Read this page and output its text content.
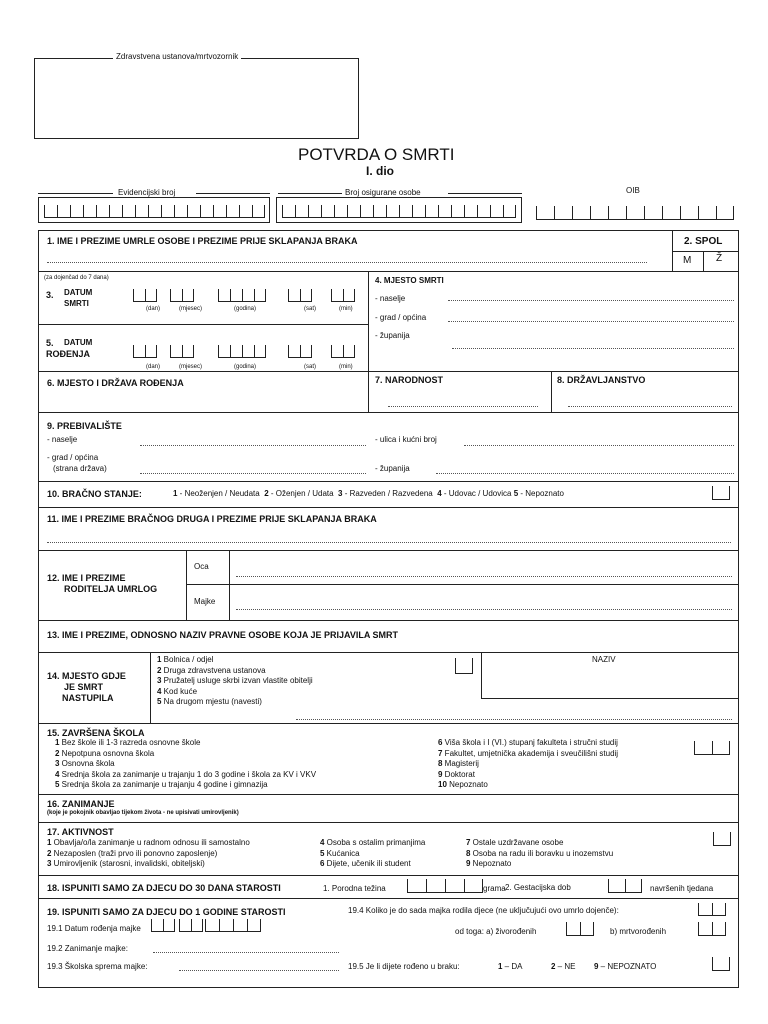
Zdravstvena ustanova/mrtvozornik
POTVRDA O SMRTI
I. dio
Evidencijski broj	Broj osigurane osobe	OIB
1. IME I PREZIME UMRLE OSOBE I PREZIME PRIJE SKLAPANJA BRAKA	2. SPOL
M Ž
(za dojenčad do 7 dana)
3. DATUM
SMRTI
(dan)	(mjesec)	(godina)	(sat)	(min)
4. MJESTO SMRTI
- naselje
- grad / općina
- županija
5. DATUM
ROĐENJA
(dan)	(mjesec)	(godina)	(sat)	(min)
6. MJESTO I DRŽAVA ROĐENJA	7. NARODNOST	8. DRŽAVLJANSTVO
9. PREBIVALIŠTE
- naselje	- ulica i kućni broj
- grad / općina
(strana država)	- županija
10. BRAČNO STANJE:	1 - Neoženjen / Neudata 2 - Oženjen / Udata 3 - Razveden / Razvedena 4 - Udovac / Udovica 5 - Nepoznato
11. IME I PREZIME BRAČNOG DRUGA I PREZIME PRIJE SKLAPANJA BRAKA
12. IME I PREZIME
RODITELJA UMRLOG
Oca
Majke
13. IME I PREZIME, ODNOSNO NAZIV PRAVNE OSOBE KOJA JE PRIJAVILA SMRT
14. MJESTO GDJE
JE SMRT
NASTUPILA
1 Bolnica / odjel
2 Druga zdravstvena ustanova
3 Pružatelj usluge skrbi izvan vlastite obitelji
4 Kod kuće
5 Na drugom mjestu (navesti)
NAZIV
15. ZAVRŠENA ŠKOLA
1 Bez škole ili 1-3 razreda osnovne škole
2 Nepotpuna osnovna škola
3 Osnovna škola
4 Srednja škola za zanimanje u trajanju 1 do 3 godine i škola za KV i VKV
5 Srednja škola za zanimanje u trajanju 4 godine i gimnazija
6 Viša škola i I (VI.) stupanj fakulteta i stručni studij
7 Fakultet, umjetnička akademija i sveučilišni studij
8 Magisterij
9 Doktorat
10 Nepoznato
16. ZANIMANJE
(koje je pokojnik obavljao tijekom života - ne upisivati umirovljenik)
17. AKTIVNOST
1 Obavlja/o/la zanimanje u radnom odnosu ili samostalno
2 Nezaposlen (traži prvo ili ponovno zaposlenje)
3 Umirovljenik (starosni, invalidski, obiteljski)
4 Osoba s ostalim primanjima
5 Kućanica
6 Dijete, učenik ili student
7 Ostale uzdržavane osobe
8 Osoba na radu ili boravku u inozemstvu
9 Nepoznato
18. ISPUNITI SAMO ZA DJECU DO 30 DANA STAROSTI	1. Porodna težina	grama 2. Gestacijska dob	navršenih tjedana
19. ISPUNITI SAMO ZA DJECU DO 1 GODINE STAROSTI
19.1 Datum rođenja majke
19.2 Zanimanje majke:
19.3 Školska sprema majke:
19.4 Koliko je do sada majka rodila djece (ne uključujući ovo umrlo dojenče):
od toga: a) živorođenih	b) mrtvorođenih
19.5 Je li dijete rođeno u braku:	1 – DA	2 – NE 9 – NEPOZNATO
